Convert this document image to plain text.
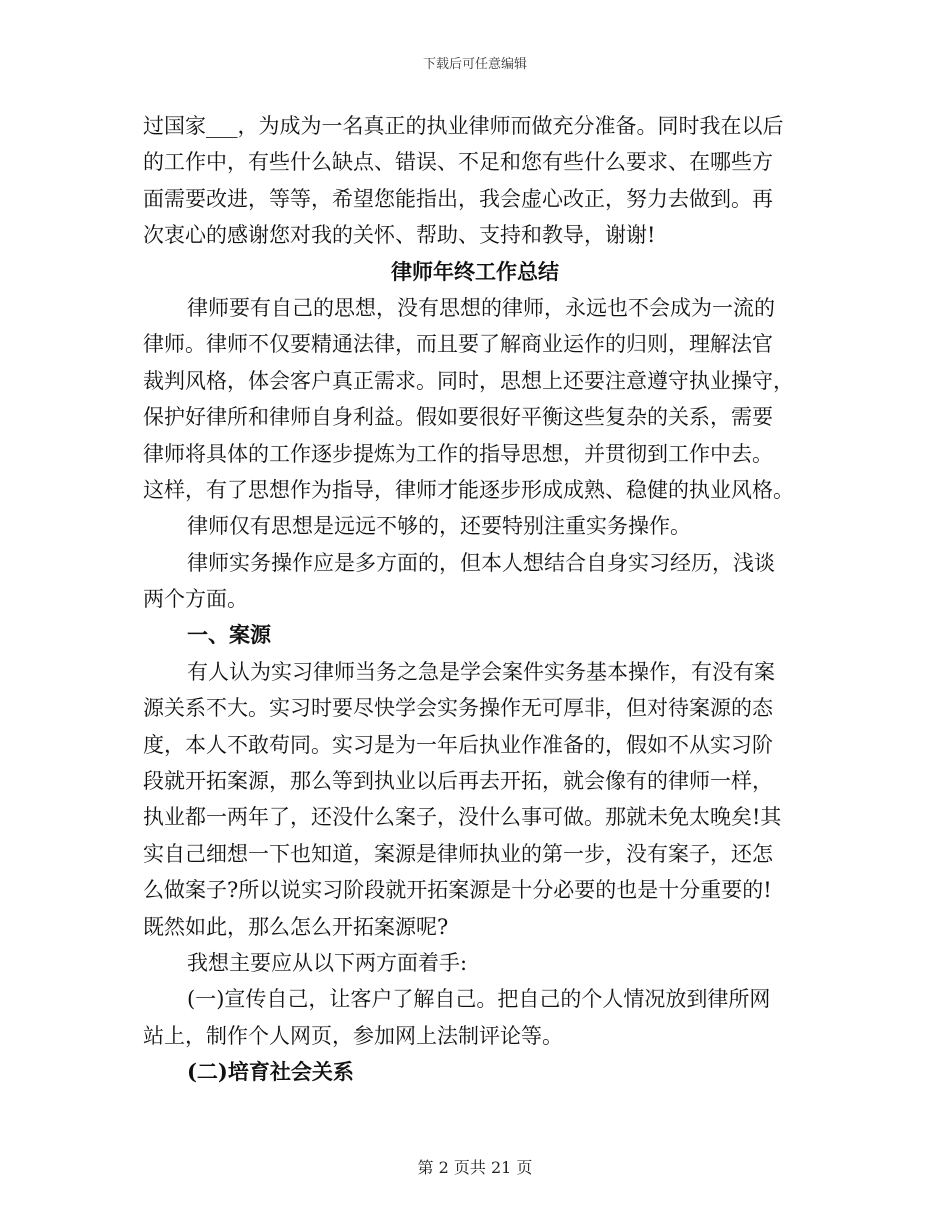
下载后可任意编辑
过国家___，为成为一名真正的执业律师而做充分准备。同时我在以后
的工作中，有些什么缺点、错误、不足和您有些什么要求、在哪些方
面需要改进，等等，希望您能指出，我会虚心改正，努力去做到。再
次衷心的感谢您对我的关怀、帮助、支持和教导，谢谢!
律师年终工作总结
律师要有自己的思想，没有思想的律师，永远也不会成为一流的
律师。律师不仅要精通法律，而且要了解商业运作的归则，理解法官
裁判风格，体会客户真正需求。同时，思想上还要注意遵守执业操守，
保护好律所和律师自身利益。假如要很好平衡这些复杂的关系，需要
律师将具体的工作逐步提炼为工作的指导思想，并贯彻到工作中去。
这样，有了思想作为指导，律师才能逐步形成成熟、稳健的执业风格。
律师仅有思想是远远不够的，还要特别注重实务操作。
律师实务操作应是多方面的，但本人想结合自身实习经历，浅谈
两个方面。
一、案源
有人认为实习律师当务之急是学会案件实务基本操作，有没有案
源关系不大。实习时要尽快学会实务操作无可厚非，但对待案源的态
度，本人不敢苟同。实习是为一年后执业作准备的，假如不从实习阶
段就开拓案源，那么等到执业以后再去开拓，就会像有的律师一样，
执业都一两年了，还没什么案子，没什么事可做。那就未免太晚矣!其
实自己细想一下也知道，案源是律师执业的第一步，没有案子，还怎
么做案子?所以说实习阶段就开拓案源是十分必要的也是十分重要的!
既然如此，那么怎么开拓案源呢?
我想主要应从以下两方面着手:
(一)宣传自己，让客户了解自己。把自己的个人情况放到律所网
站上，制作个人网页，参加网上法制评论等。
(二)培育社会关系
第 2 页共 21 页
